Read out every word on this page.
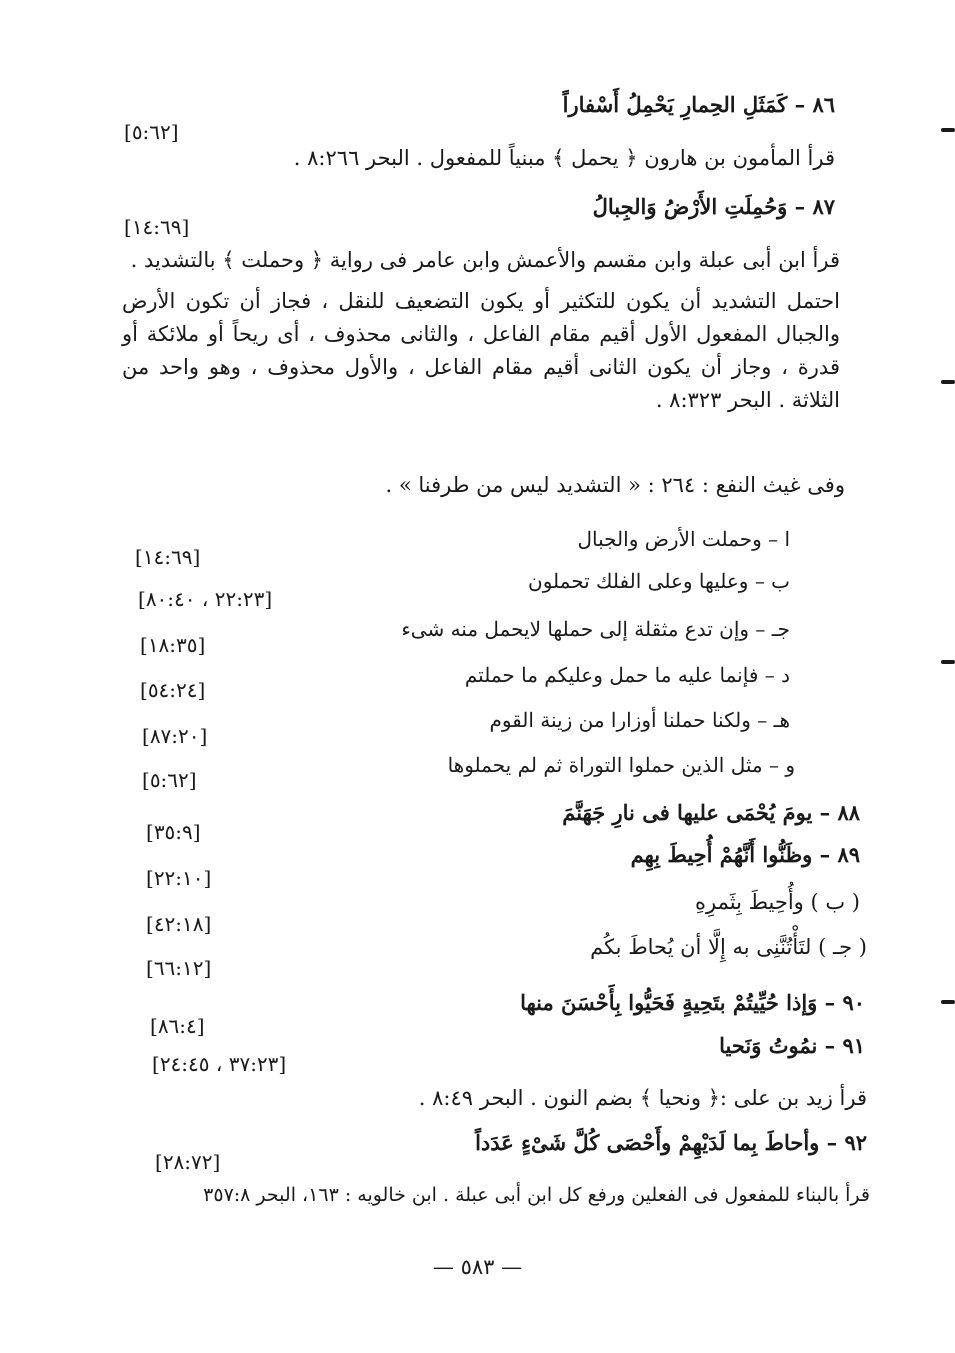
٨٦ – كَمَثَلِ الحِمارِ يَحْمِلُ أَسْفاراً
[٥:٦٢]
قرأ المأمون بن هارون ﴿ يحمل ﴾ مبنياً للمفعول . البحر ٨:٢٦٦ .
٨٧ – وَحُمِلَتِ الأَرْضُ وَالجِبالُ
[١٤:٦٩]
قرأ ابن أبى عبلة وابن مقسم والأعمش وابن عامر فى رواية ﴿ وحملت ﴾ بالتشديد .
احتمل التشديد أن يكون للتكثير أو يكون التضعيف للنقل ، فجاز أن تكون الأرض والجبال المفعول الأول أقيم مقام الفاعل ، والثانى محذوف ، أى ريحاً أو ملائكة أو قدرة ، وجاز أن يكون الثانى أقيم مقام الفاعل ، والأول محذوف ، وهو واحد من الثلاثة . البحر ٨:٣٢٣ .
وفى غيث النفع : ٢٦٤ : « التشديد ليس من طرفنا » .
ا – وحملت الأرض والجبال
[١٤:٦٩]
ب – وعليها وعلى الفلك تحملون
[٢٢:٢٣ ، ٨٠:٤٠]
جـ – وإن تدع مثقلة إلى حملها لايحمل منه شىء
[١٨:٣٥]
د – فإنما عليه ما حمل وعليكم ما حملتم
[٥٤:٢٤]
هـ – ولكنا حملنا أوزارا من زينة القوم
[٨٧:٢٠]
و – مثل الذين حملوا التوراة ثم لم يحملوها
[٥:٦٢]
٨٨ – يومَ يُحْمَى عليها فى نارِ جَهَنَّمَ
[٣٥:٩]
٨٩ – وظَنُّوا أَنَّهُمْ أُحِيطَ بِهِم
[٢٢:١٠]
( ب ) وأُحِيطَ بِثَمرِهِ
[٤٢:١٨]
( جـ ) لتَأْتُنَّنِى به إِلَّا أن يُحاطَ بكُم
[٦٦:١٢]
٩٠ – وَإذا حُيِّيتُمْ بتَحِيةٍ فَحَيُّوا بِأَحْسَنَ منها
[٨٦:٤]
٩١ – نمُوتُ وَنَحيا
[٣٧:٢٣ ، ٢٤:٤٥]
قرأ زيد بن على :﴿ ونحيا ﴾ بضم النون . البحر ٨:٤٩ .
٩٢ – وأحاطَ بِما لَدَيْهِمْ وأَحْصَى كُلَّ شَىْءٍ عَدَداً
[٢٨:٧٢]
قرأ بالبناء للمفعول فى الفعلين ورفع كل ابن أبى عبلة . ابن خالويه : ١٦٣، البحر ٣٥٧:٨
— ٥٨٣ —
